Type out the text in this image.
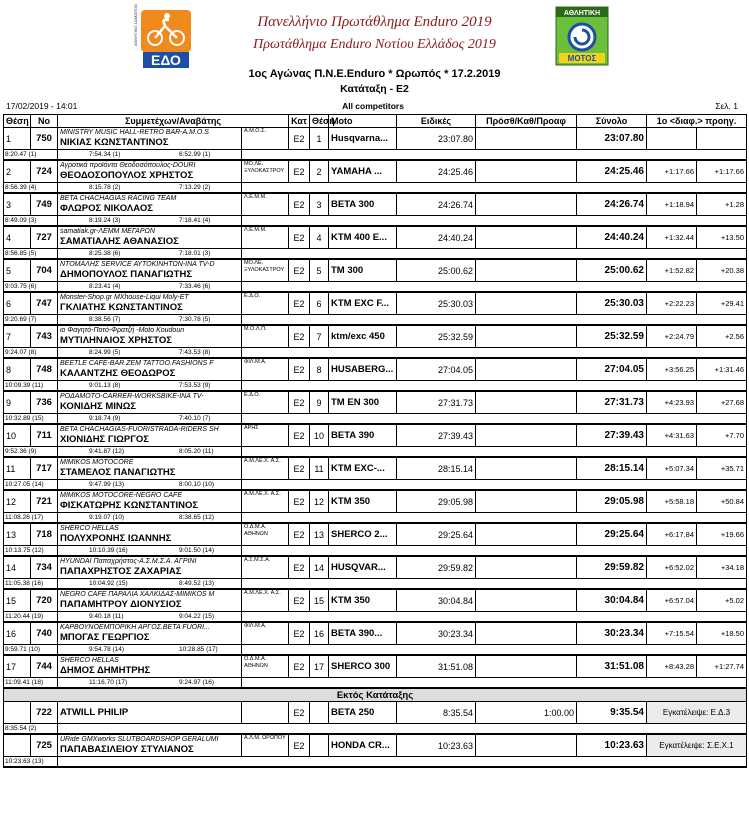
ΕΔΟ
ΑΘΛΗΤΙΚΟ ΣΩΜΑΤΕΙΟ	Πανελλήνιο Πρωτάθλημα Enduro 2019
Πρωτάθλημα Enduro Νοτίου Ελλάδος 2019
1ος Αγώνας Π.Ν.Ε.Enduro * Ωρωπός * 17.2.2019
Κατάταξη - Ε2
ΑΘΛΗΤΙΚΗ
ΜΟΤΟΣ
17/02/2019 - 14:01	All competitors	Σελ. 1
Θέση	Νο	Συμμετέχων/Αναβάτης		Κατ	Θέση	Moto	Ειδικές	Πρόσθ/Καθ/Προαφ	Σύνολο	1ο <διαφ.> προηγ.	
1	750	MINISTRY MUSIC HALL-RETRO BAR-A.M.O.S
ΝΙΚΙΑΣ ΚΩΝΣΤΑΝΤΙΝΟΣ	Α.Μ.Ο.Σ.	E2	1	Husqvarna...	23:07.80		23:07.80		
8:20.47 (1)		7:54.34 (1) 6:52.99 (1)									
2	724	Αγροτικά προϊόντα Θεοδοσόπουλος-DOURI
ΘΕΟΔΟΣΟΠΟΥΛΟΣ ΧΡΗΣΤΟΣ	ΜΟ.ΛΕ. ΞΥΛΟΚΑΣΤΡΟΥ	E2	2	YAMAHA ...	24:25.46		24:25.46	+1:17.66	+1:17.66
8:56.39 (4)		8:15.78 (2) 7:13.29 (2)									
3	749	BETA CHACHAGIAS RACING TEAM
ΦΛΩΡΟΣ ΝΙΚΟΛΑΟΣ	Λ.Ε.Μ.Μ.	E2	3	BETA 300	24:26.74		24:26.74	+1:18.94	+1.28
8:49.09 (3)		8:19.24 (3) 7:18.41 (4)									
4	727	samatiak.gr-ΛΕΜΜ ΜΕΓΑΡΩΝ
ΣΑΜΑΤΙΑΛΗΣ ΑΘΑΝΑΣΙΟΣ	Λ.Ε.Μ.Μ.	E2	4	KTM 400 E...	24:40.24		24:40.24	+1:32.44	+13.50
8:56.85 (5)		8:25.38 (6) 7:18.01 (3)									
5	704	ΝΤΟΜΑΛΗΣ SERVICE ΑΥΤΟΚΙΝΗΤΩΝ-INA TV-D
ΔΗΜΟΠΟΥΛΟΣ ΠΑΝΑΓΙΩΤΗΣ	ΜΟ.ΛΕ. ΞΥΛΟΚΑΣΤΡΟΥ	E2	5	TM 300	25:00.62		25:00.62	+1:52.82	+20.38
9:03.75 (6)		8:23.41 (4) 7:33.46 (6)									
6	747	Monster-Shop.gr MXhouse-Liqui Moly-ET
ΓΚΛΙΑΤΗΣ ΚΩΝΣΤΑΝΤΙΝΟΣ	Ε.Δ.Ο.	E2	6	KTM EXC F...	25:30.03		25:30.03	+2:22.23	+29.41
9:20.69 (7)		8:38.56 (7) 7:30.78 (5)									
7	743	ιο Φαγητό-Ποτό-Φρατζή -Moto Koudoun
ΜΥΤΙΛΗΝΑΙΟΣ ΧΡΗΣΤΟΣ	Μ.Ο.Λ.Π.	E2	7	ktm/exc 450	25:32.59		25:32.59	+2:24.79	+2.56
9:24.07 (8)		8:24.99 (5) 7:43.53 (8)									
8	748	BEETLE CAFE-BAR.ZEM TATTOO.FASHIONS F
ΚΑΛΑΝΤΖΗΣ ΘΕΟΔΩΡΟΣ	ΦΙΛ.Μ.Α.	E2	8	HUSABERG...	27:04.05		27:04.05	+3:56.25	+1:31.46
10:09.39 (11)		9:01.13 (8) 7:53.53 (9)									
9	736	ΡΟΔΑΜΟΤΟ-CARRER-WORKSBIKE-INA TV-
ΚΟΝΙΔΗΣ ΜΙΝΩΣ	Ε.Δ.Ο.	E2	9	TM EN 300	27:31.73		27:31.73	+4:23.93	+27.68
10:32.89 (15)		9:18.74 (9) 7:40.10 (7)									
10	711	BETA CHACHAGIAS-FUORISTRADA-RIDERS SH
ΧΙΟΝΙΔΗΣ ΓΙΩΡΓΟΣ	ΑΡΗΣ	E2	10	BETA 390	27:39.43		27:39.43	+4:31.63	+7.70
9:52.36 (9)		9:41.87 (12) 8:05.20 (11)									
11	717	MIMIKOS MOTOCORE
ΣΤΑΜΕΛΟΣ ΠΑΝΑΓΙΩΤΗΣ	Α.Μ.ΛΕ.Χ. Α.Σ.	E2	11	KTM EXC-...	28:15.14		28:15.14	+5:07.34	+35.71
10:27.05 (14)		9:47.99 (13) 8:00.10 (10)									
12	721	MIMIKOS MOTOCORE-NEGRO CAFE
ΦΙΣΚΑΤΩΡΗΣ ΚΩΝΣΤΑΝΤΙΝΟΣ	Α.Μ.ΛΕ.Χ. Α.Σ.	E2	12	KTM 350	29:05.98		29:05.98	+5:58.18	+50.84
11:08.26 (17)		9:19.07 (10) 8:38.65 (12)									
13	718	SHERCO HELLAS
ΠΟΛΥΧΡΟΝΗΣ ΙΩΑΝΝΗΣ	Ο.Δ.Μ.Α. ΑΘΗΝΩΝ	E2	13	SHERCO 2...	29:25.64		29:25.64	+6:17.84	+19.66
10:13.75 (12)		10:10.39 (16) 9:01.50 (14)									
14	734	HYUNDAI Παπαχρήστος-Α.Σ.Μ.Σ.Α. ΑΓΡΙΝΙ
ΠΑΠΑΧΡΗΣΤΟΣ ΖΑΧΑΡΙΑΣ	Α.Σ.Μ.Σ.Α.	E2	14	HUSQVAR...	29:59.82		29:59.82	+6:52.02	+34.18
11:05.38 (16)		10:04.92 (15) 8:49.52 (13)									
15	720	NEGRO CAFE ΠΑΡΑΛΙΑ ΧΑΛΚΙΔΑΣ-MIMIKOS M
ΠΑΠΑΜΗΤΡΟΥ ΔΙΟΝΥΣΙΟΣ	Α.Μ.ΛΕ.Χ. Α.Σ.	E2	15	KTM 350	30:04.84		30:04.84	+6:57.04	+5.02
11:20.44 (19)		9:40.18 (11) 9:04.22 (15)									
16	740	ΚΑΡΒΟΥΝΟΕΜΠΟΡΙΚΗ ΑΡΓΟΣ.BETA FUORI...
ΜΠΟΓΑΣ ΓΕΩΡΓΙΟΣ	ΦΙΛ.Μ.Α.	E2	16	BETA 390...	30:23.34		30:23.34	+7:15.54	+18.50
9:59.71 (10)		9:54.78 (14) 10:28.85 (17)									
17	744	SHERCO HELLAS
ΔΗΜΟΣ ΔΗΜΗΤΡΗΣ	Ο.Δ.Μ.Α. ΑΘΗΝΩΝ	E2	17	SHERCO 300	31:51.08		31:51.08	+8:43.28	+1:27.74
11:09.41 (18)		11:16.70 (17) 9:24.97 (16)									
Εκτός Κατάταξης											
	722	ATWILL PHILIP		E2		BETA 250	8:35.54	1:00.00	9:35.54	Εγκατέλειψε: Ε.Δ.3	
8:35.54 (2)											
	725	URide GMXworks SLUTBOARDSHOP GERALUMI
ΠΑΠΑΒΑΣΙΛΕΙΟΥ ΣΤΥΛΙΑΝΟΣ	Α.Λ.Μ. ΩΡΩΠΟΥ	E2		HONDA CR...	10:23.63		10:23.63	Εγκατέλειψε: Σ.Ε.Χ.1	
10:23.63 (13)											
